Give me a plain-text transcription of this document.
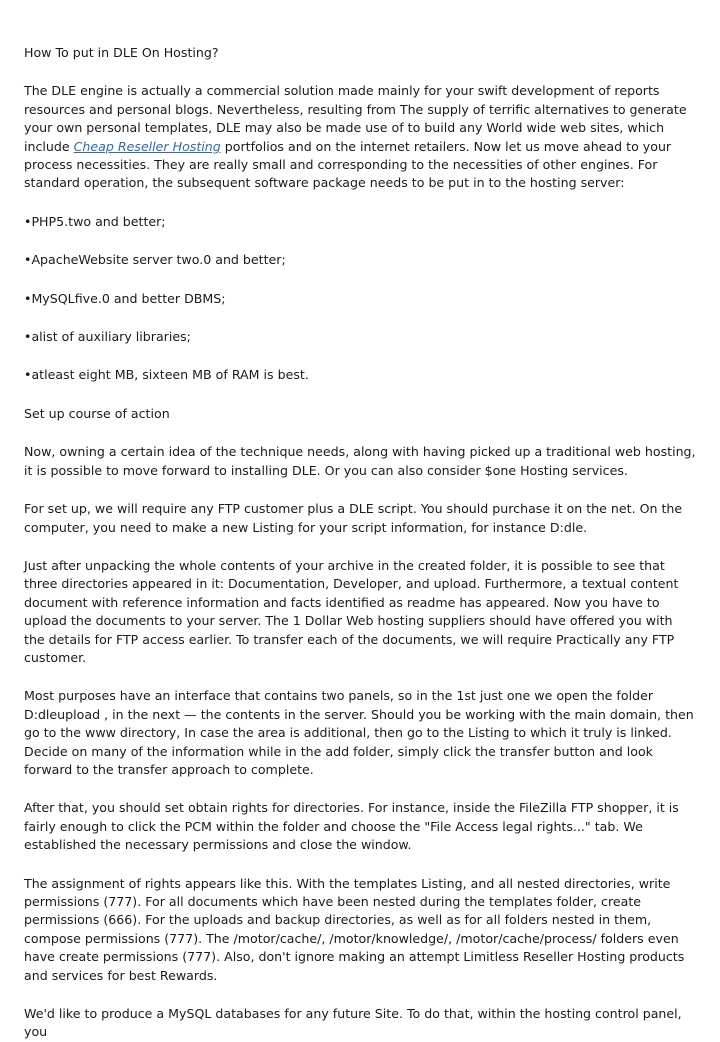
How To put in DLE On Hosting?

The DLE engine is actually a commercial solution made mainly for your swift development of reports resources and personal blogs. Nevertheless, resulting from The supply of terrific alternatives to generate your own personal templates, DLE may also be made use of to build any World wide web sites, which include Cheap Reseller Hosting portfolios and on the internet retailers. Now let us move ahead to your process necessities. They are really small and corresponding to the necessities of other engines. For standard operation, the subsequent software package needs to be put in to the hosting server:

•PHP5.two and better;
•ApacheWebsite server two.0 and better;
•MySQLfive.0 and better DBMS;
•alist of auxiliary libraries;
•atleast eight MB, sixteen MB of RAM is best.

Set up course of action

Now, owning a certain idea of the technique needs, along with having picked up a traditional web hosting, it is possible to move forward to installing DLE. Or you can also consider $one Hosting services.

For set up, we will require any FTP customer plus a DLE script. You should purchase it on the net. On the computer, you need to make a new Listing for your script information, for instance D:dle.

Just after unpacking the whole contents of your archive in the created folder, it is possible to see that three directories appeared in it: Documentation, Developer, and upload. Furthermore, a textual content document with reference information and facts identified as readme has appeared. Now you have to upload the documents to your server. The 1 Dollar Web hosting suppliers should have offered you with the details for FTP access earlier. To transfer each of the documents, we will require Practically any FTP customer.

Most purposes have an interface that contains two panels, so in the 1st just one we open the folder D:dleupload , in the next — the contents in the server. Should you be working with the main domain, then go to the www directory, In case the area is additional, then go to the Listing to which it truly is linked. Decide on many of the information while in the add folder, simply click the transfer button and look forward to the transfer approach to complete.

After that, you should set obtain rights for directories. For instance, inside the FileZilla FTP shopper, it is fairly enough to click the PCM within the folder and choose the "File Access legal rights..." tab. We established the necessary permissions and close the window.

The assignment of rights appears like this. With the templates Listing, and all nested directories, write permissions (777). For all documents which have been nested during the templates folder, create permissions (666). For the uploads and backup directories, as well as for all folders nested in them, compose permissions (777). The /motor/cache/, /motor/knowledge/, /motor/cache/process/ folders even have create permissions (777). Also, don't ignore making an attempt Limitless Reseller Hosting products and services for best Rewards.

We'd like to produce a MySQL databases for any future Site. To do that, within the hosting control panel, you
